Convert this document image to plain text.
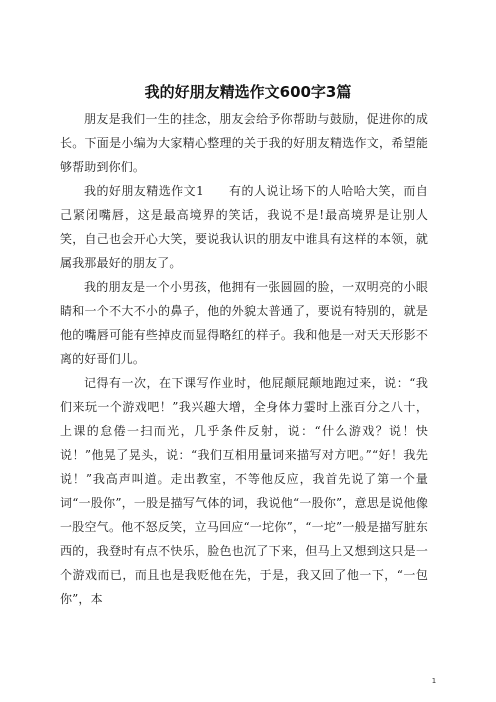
我的好朋友精选作文600字3篇

朋友是我们一生的挂念，朋友会给予你帮助与鼓励，促进你的成长。下面是小编为大家精心整理的关于我的好朋友精选作文，希望能够帮助到你们。

我的好朋友精选作文1　　有的人说让场下的人哈哈大笑，而自己紧闭嘴唇，这是最高境界的笑话，我说不是!最高境界是让别人笑，自己也会开心大笑，要说我认识的朋友中谁具有这样的本领，就属我那最好的朋友了。

我的朋友是一个小男孩，他拥有一张圆圆的脸，一双明亮的小眼睛和一个不大不小的鼻子，他的外貌太普通了，要说有特别的，就是他的嘴唇可能有些掉皮而显得略红的样子。我和他是一对天天形影不离的好哥们儿。

记得有一次，在下课写作业时，他屁颠屁颠地跑过来，说：“我们来玩一个游戏吧！”我兴趣大增，全身体力霎时上涨百分之八十，上课的怠倦一扫而光，几乎条件反射，说：“什么游戏？说！快说！”他晃了晃头，说：“我们互相用量词来描写对方吧。”“好！我先说！”我高声叫道。走出教室，不等他反应，我首先说了第一个量词“一股你”，一股是描写气体的词，我说他“一股你”，意思是说他像一股空气。他不怒反笑，立马回应“一坨你”，“一坨”一般是描写脏东西的，我登时有点不快乐，脸色也沉了下来，但马上又想到这只是一个游戏而已，而且也是我贬他在先，于是，我又回了他一下，“一包你”，本

1
